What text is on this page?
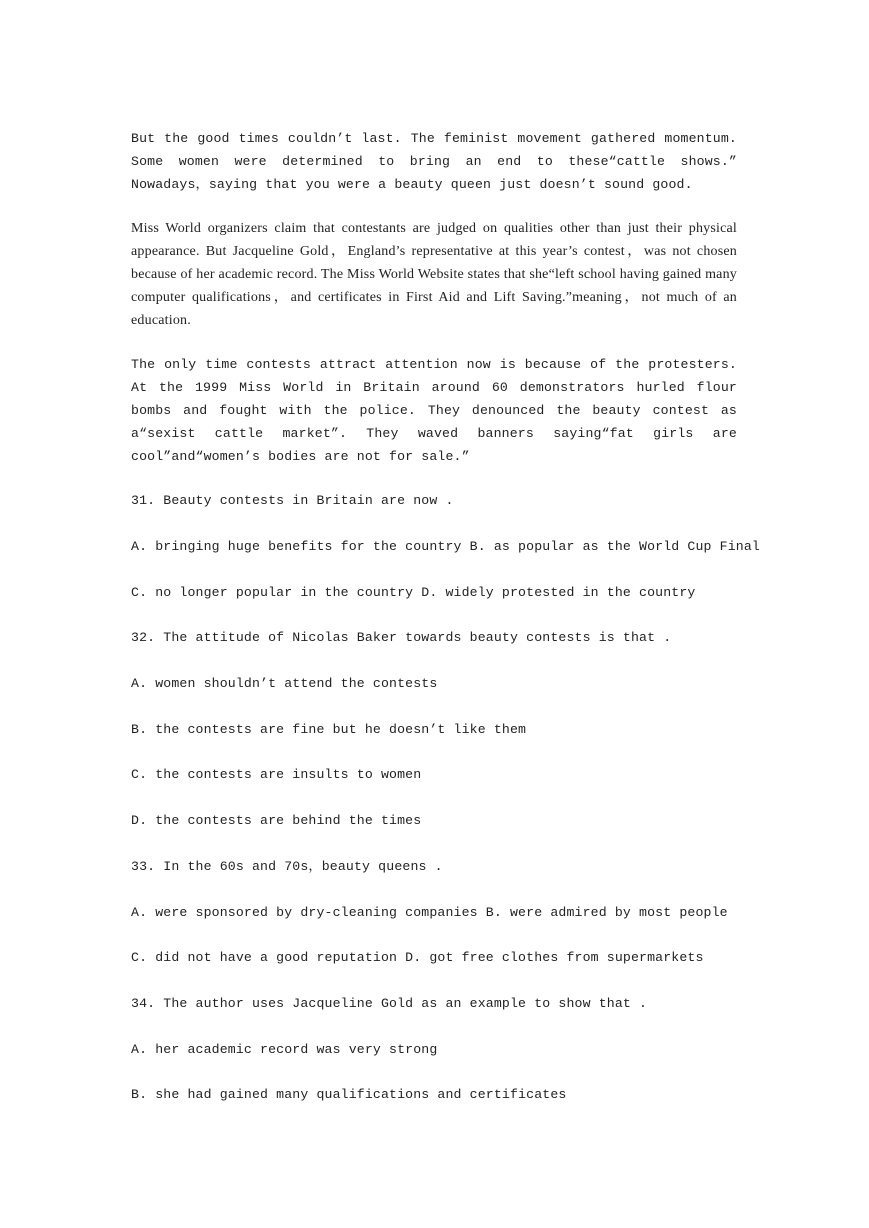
But the good times couldn’t last. The feminist movement gathered momentum. Some women were determined to bring an end to these“cattle shows.” Nowadays，saying that you were a beauty queen just doesn’t sound good.

Miss World organizers claim that contestants are judged on qualities other than just their physical appearance. But Jacqueline Gold，England’s representative at this year’s contest，was not chosen because of her academic record. The Miss World Website states that she“left school having gained many computer qualifications，and certificates in First Aid and Lift Saving.”meaning，not much of an education.

The only time contests attract attention now is because of the protesters. At the 1999 Miss World in Britain around 60 demonstrators hurled flour bombs and fought with the police. They denounced the beauty contest as a“sexist cattle market”. They waved banners saying“fat girls are cool”and“women’s bodies are not for sale.”

31. Beauty contests in Britain are now .
A. bringing huge benefits for the country B. as popular as the World Cup Final
C. no longer popular in the country D. widely protested in the country
32. The attitude of Nicolas Baker towards beauty contests is that .
A. women shouldn’t attend the contests
B. the contests are fine but he doesn’t like them
C. the contests are insults to women
D. the contests are behind the times
33. In the 60s and 70s，beauty queens .
A. were sponsored by dry-cleaning companies B. were admired by most people
C. did not have a good reputation D. got free clothes from supermarkets
34. The author uses Jacqueline Gold as an example to show that .
A. her academic record was very strong
B. she had gained many qualifications and certificates
